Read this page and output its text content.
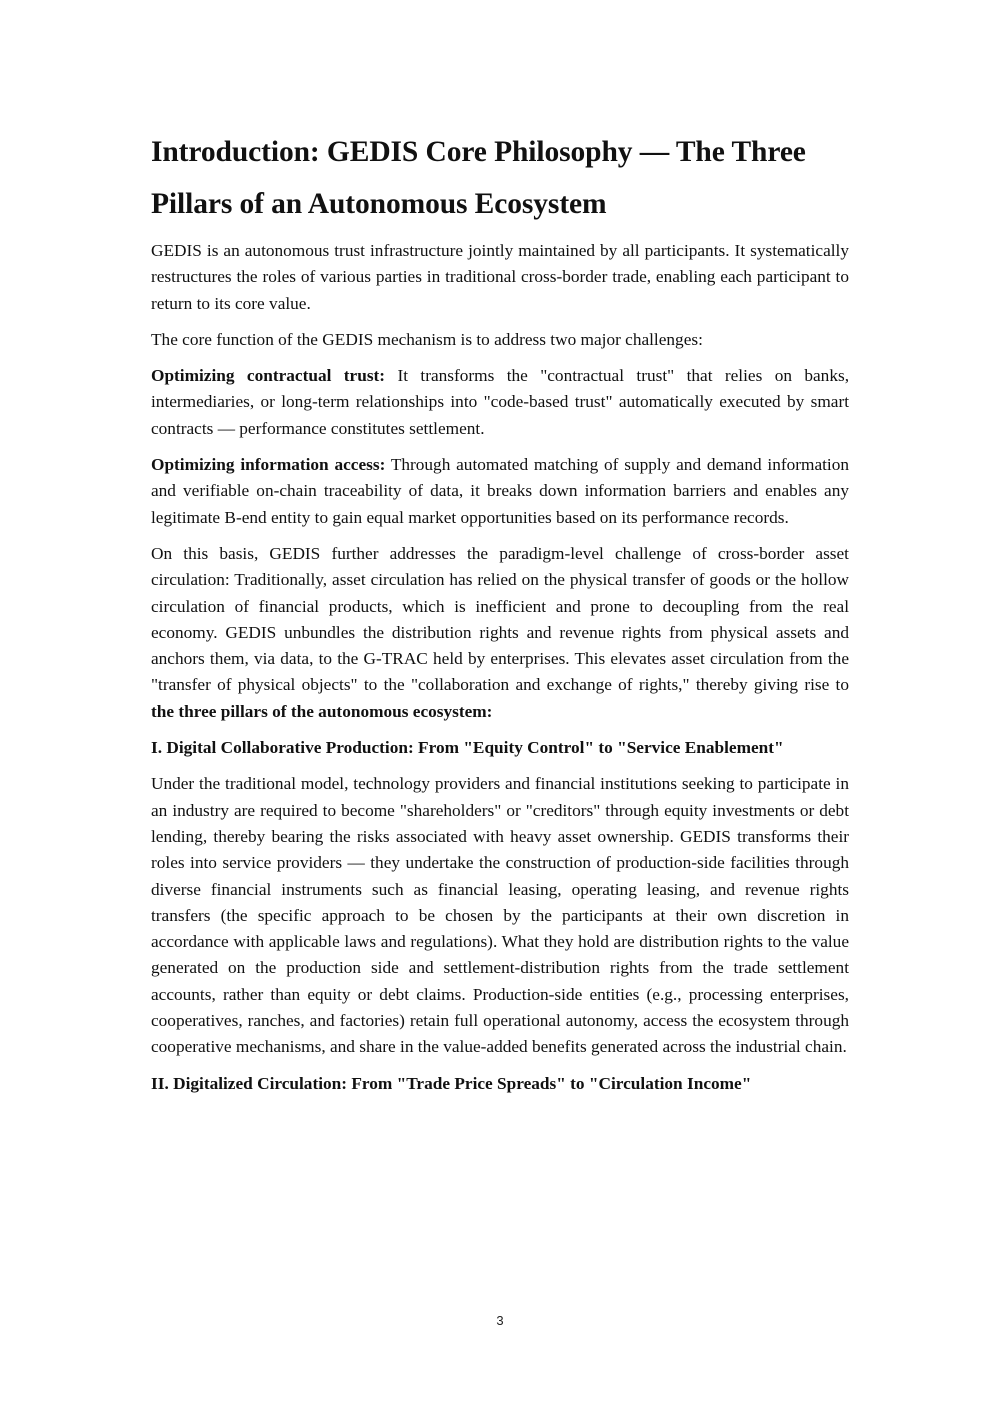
Introduction: GEDIS Core Philosophy — The Three Pillars of an Autonomous Ecosystem

GEDIS is an autonomous trust infrastructure jointly maintained by all participants. It systematically restructures the roles of various parties in traditional cross-border trade, enabling each participant to return to its core value.

The core function of the GEDIS mechanism is to address two major challenges:

Optimizing contractual trust: It transforms the "contractual trust" that relies on banks, intermediaries, or long-term relationships into "code-based trust" automatically executed by smart contracts — performance constitutes settlement.

Optimizing information access: Through automated matching of supply and demand information and verifiable on-chain traceability of data, it breaks down information barriers and enables any legitimate B-end entity to gain equal market opportunities based on its performance records.

On this basis, GEDIS further addresses the paradigm-level challenge of cross-border asset circulation: Traditionally, asset circulation has relied on the physical transfer of goods or the hollow circulation of financial products, which is inefficient and prone to decoupling from the real economy. GEDIS unbundles the distribution rights and revenue rights from physical assets and anchors them, via data, to the G-TRAC held by enterprises. This elevates asset circulation from the "transfer of physical objects" to the "collaboration and exchange of rights," thereby giving rise to the three pillars of the autonomous ecosystem:

I. Digital Collaborative Production: From "Equity Control" to "Service Enablement"

Under the traditional model, technology providers and financial institutions seeking to participate in an industry are required to become "shareholders" or "creditors" through equity investments or debt lending, thereby bearing the risks associated with heavy asset ownership. GEDIS transforms their roles into service providers — they undertake the construction of production-side facilities through diverse financial instruments such as financial leasing, operating leasing, and revenue rights transfers (the specific approach to be chosen by the participants at their own discretion in accordance with applicable laws and regulations). What they hold are distribution rights to the value generated on the production side and settlement-distribution rights from the trade settlement accounts, rather than equity or debt claims. Production-side entities (e.g., processing enterprises, cooperatives, ranches, and factories) retain full operational autonomy, access the ecosystem through cooperative mechanisms, and share in the value-added benefits generated across the industrial chain.

II. Digitalized Circulation: From "Trade Price Spreads" to "Circulation Income"
3
